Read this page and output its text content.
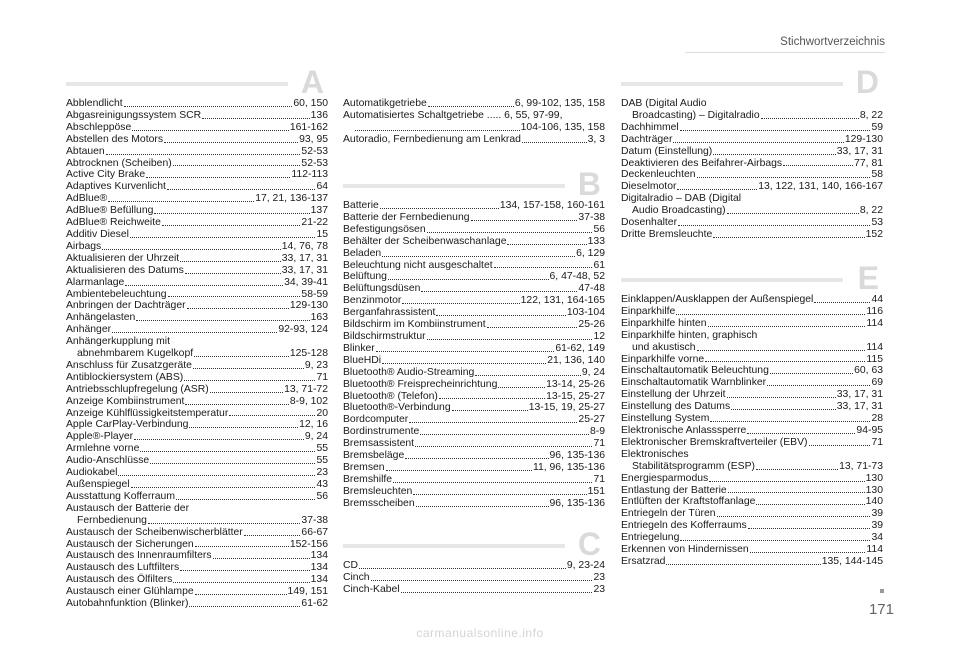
Stichwortverzeichnis
A
Abblendlicht	60, 150
Abgasreinigungssystem SCR	136
Abschleppöse	161-162
Abstellen des Motors	93, 95
Abtauen	52-53
Abtrocknen (Scheiben)	52-53
Active City Brake	112-113
Adaptives Kurvenlicht	64
AdBlue®	17, 21, 136-137
AdBlue® Befüllung	137
AdBlue® Reichweite	21-22
Additiv Diesel	15
Airbags	14, 76, 78
Aktualisieren der Uhrzeit	33, 17, 31
Aktualisieren des Datums	33, 17, 31
Alarmanlage	34, 39-41
Ambientebeleuchtung	58-59
Anbringen der Dachträger	129-130
Anhängelasten	163
Anhänger	92-93, 124
Anhängerkupplung mit
abnehmbarem Kugelkopf	125-128
Anschluss für Zusatzgeräte	9, 23
Antiblockiersystem (ABS)	71
Antriebsschlupfregelung (ASR)	13, 71-72
Anzeige Kombiinstrument	8-9, 102
Anzeige Kühlflüssigkeitstemperatur	20
Apple CarPlay-Verbindung	12, 16
Apple®-Player	9, 24
Armlehne vorne	55
Audio-Anschlüsse	55
Audiokabel	23
Außenspiegel	43
Ausstattung Kofferraum	56
Austausch der Batterie der
Fernbedienung	37-38
Austausch der Scheibenwischerblätter	66-67
Austausch der Sicherungen	152-156
Austausch des Innenraumfilters	134
Austausch des Luftfilters	134
Austausch des Ölfilters	134
Austausch einer Glühlampe	149, 151
Autobahnfunktion (Blinker)	61-62
Automatikgetriebe	6, 99-102, 135, 158
Automatisiertes Schaltgetriebe ..... 6, 55, 97-99,
104-106, 135, 158
Autoradio, Fernbedienung am Lenkrad	3, 3
B
Batterie	134, 157-158, 160-161
Batterie der Fernbedienung	37-38
Befestigungsösen	56
Behälter der Scheibenwaschanlage	133
Beladen	6, 129
Beleuchtung nicht ausgeschaltet	61
Belüftung	6, 47-48, 52
Belüftungsdüsen	47-48
Benzinmotor	122, 131, 164-165
Berganfahrassistent	103-104
Bildschirm im Kombiinstrument	25-26
Bildschirmstruktur	12
Blinker	61-62, 149
BlueHDi	21, 136, 140
Bluetooth® Audio-Streaming	9, 24
Bluetooth® Freisprecheinrichtung	13-14, 25-26
Bluetooth® (Telefon)	13-15, 25-27
Bluetooth®-Verbindung	13-15, 19, 25-27
Bordcomputer	25-27
Bordinstrumente	8-9
Bremsassistent	71
Bremsbeläge	96, 135-136
Bremsen	11, 96, 135-136
Bremshilfe	71
Bremsleuchten	151
Bremsscheiben	96, 135-136
C
CD	9, 23-24
Cinch	23
Cinch-Kabel	23
D
DAB (Digital Audio
Broadcasting) – Digitalradio	8, 22
Dachhimmel	59
Dachträger	129-130
Datum (Einstellung)	33, 17, 31
Deaktivieren des Beifahrer-Airbags	77, 81
Deckenleuchten	58
Dieselmotor	13, 122, 131, 140, 166-167
Digitalradio – DAB (Digital
Audio Broadcasting)	8, 22
Dosenhalter	53
Dritte Bremsleuchte	152
E
Einklappen/Ausklappen der Außenspiegel	44
Einparkhilfe	116
Einparkhilfe hinten	114
Einparkhilfe hinten, graphisch
und akustisch	114
Einparkhilfe vorne	115
Einschaltautomatik Beleuchtung	60, 63
Einschaltautomatik Warnblinker	69
Einstellung der Uhrzeit	33, 17, 31
Einstellung des Datums	33, 17, 31
Einstellung System	28
Elektronische Anlasssperre	94-95
Elektronischer Bremskraftverteiler (EBV)	71
Elektronisches
Stabilitätsprogramm (ESP)	13, 71-73
Energiesparmodus	130
Entlastung der Batterie	130
Entlüften der Kraftstoffanlage	140
Entriegeln der Türen	39
Entriegeln des Kofferraums	39
Entriegelung	34
Erkennen von Hindernissen	114
Ersatzrad	135, 144-145
171
carmanualsonline.info
